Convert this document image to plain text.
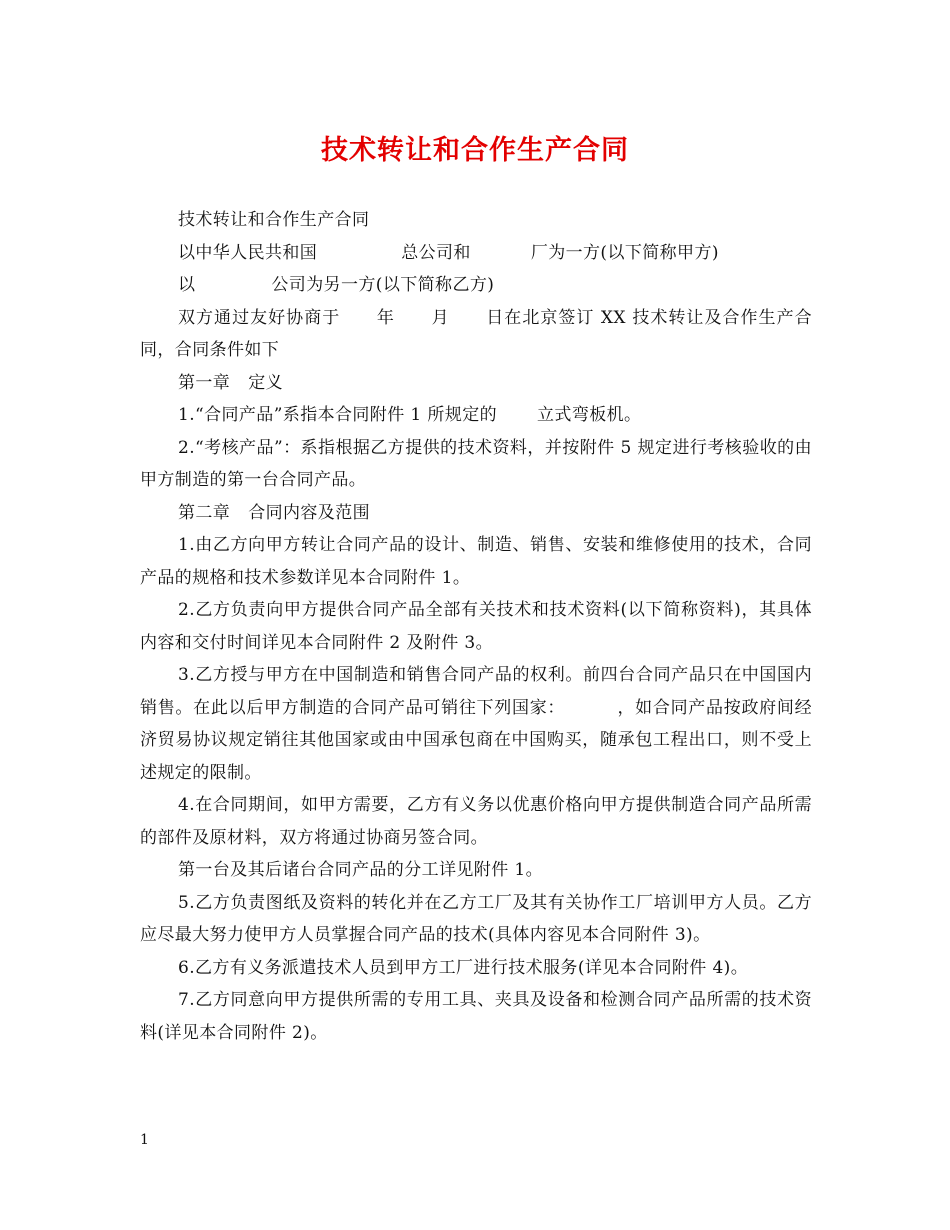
技术转让和合作生产合同

技术转让和合作生产合同

以中华人民共和国	总公司和	厂为一方(以下简称甲方)

以	公司为另一方(以下简称乙方)

双方通过友好协商于 年 月 日在北京签订 XX 技术转让及合作生产合同，合同条件如下

第一章 定义

1.“合同产品”系指本合同附件 1 所规定的 立式弯板机。

2.“考核产品”：系指根据乙方提供的技术资料，并按附件 5 规定进行考核验收的由甲方制造的第一台合同产品。

第二章 合同内容及范围

1.由乙方向甲方转让合同产品的设计、制造、销售、安装和维修使用的技术，合同产品的规格和技术参数详见本合同附件 1。

2.乙方负责向甲方提供合同产品全部有关技术和技术资料(以下简称资料)，其具体内容和交付时间详见本合同附件 2 及附件 3。

3.乙方授与甲方在中国制造和销售合同产品的权利。前四台合同产品只在中国国内销售。在此以后甲方制造的合同产品可销往下列国家：	，如合同产品按政府间经济贸易协议规定销往其他国家或由中国承包商在中国购买，随承包工程出口，则不受上述规定的限制。

4.在合同期间，如甲方需要，乙方有义务以优惠价格向甲方提供制造合同产品所需的部件及原材料，双方将通过协商另签合同。

第一台及其后诸台合同产品的分工详见附件 1。

5.乙方负责图纸及资料的转化并在乙方工厂及其有关协作工厂培训甲方人员。乙方应尽最大努力使甲方人员掌握合同产品的技术(具体内容见本合同附件 3)。

6.乙方有义务派遣技术人员到甲方工厂进行技术服务(详见本合同附件 4)。

7.乙方同意向甲方提供所需的专用工具、夹具及设备和检测合同产品所需的技术资料(详见本合同附件 2)。

1
